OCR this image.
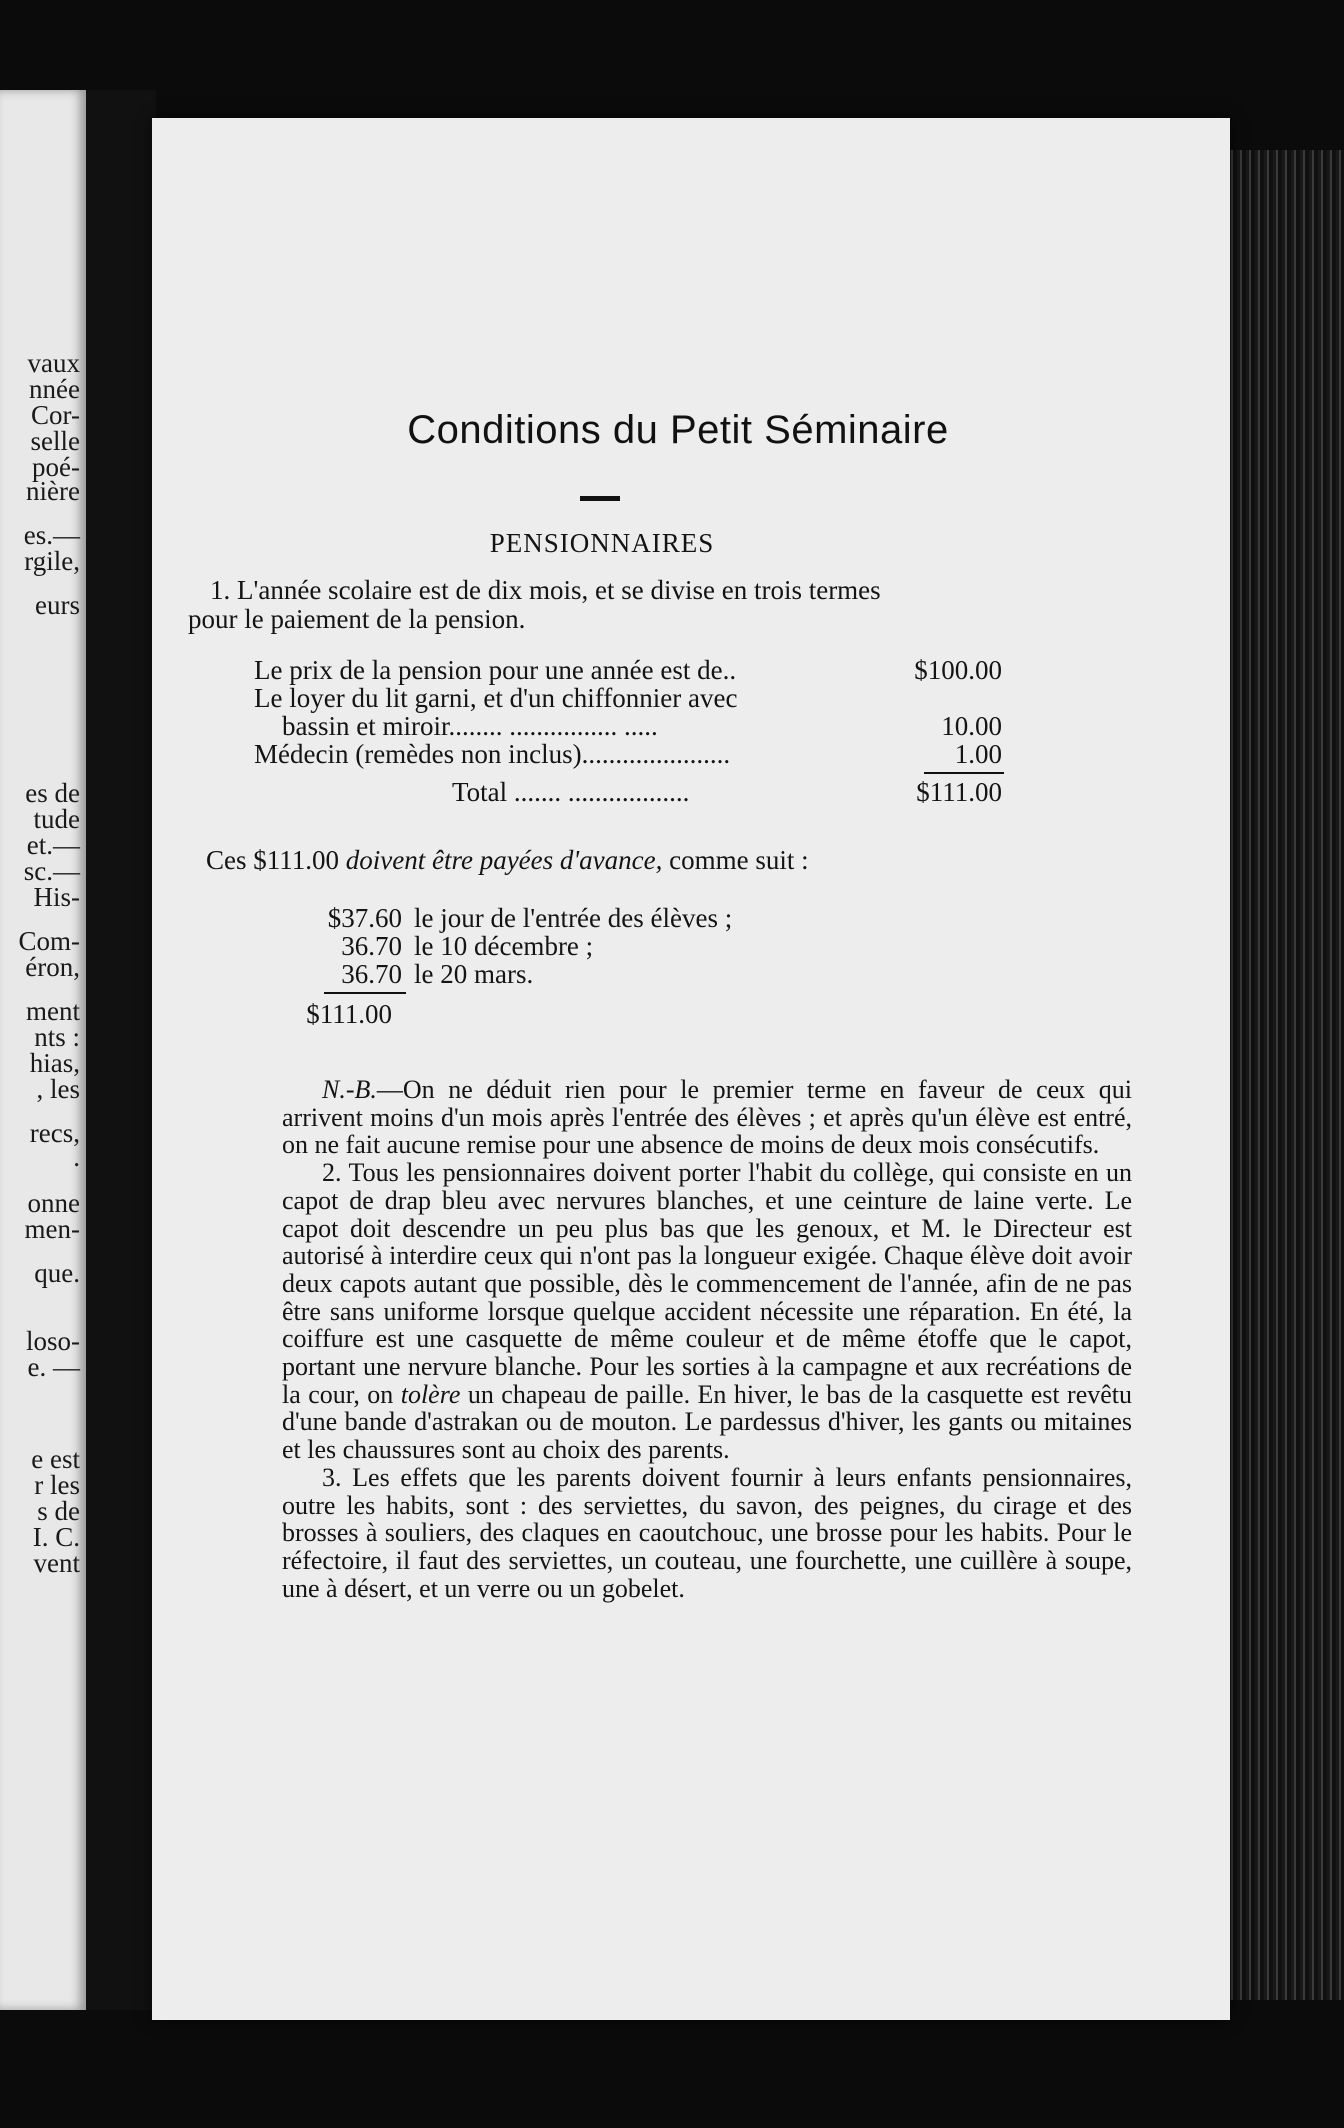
vaux
nnée
Cor-
selle
poé-
nière
es.—
rgile,
eurs
es de
tude
et.—
sc.—
His-
Com-
éron,
ment
nts :
hias,
, les
recs,
.
onne
men-
que.
loso-
e. —
e est
r les
s de
I. C.
vent
Conditions du Petit Séminaire
PENSIONNAIRES
1. L'année scolaire est de dix mois, et se divise en trois termes
pour le paiement de la pension.
Le prix de la pension pour une année est de..	$100.00
Le loyer du lit garni, et d'un chiffonnier avec
bassin et miroir........ ................ .....	10.00
Médecin (remèdes non inclus)......................	1.00
Total ....... ..................	$111.00
Ces $111.00 doivent être payées d'avance, comme suit :
$37.60 le jour de l'entrée des élèves ;
36.70 le 10 décembre ;
36.70 le 20 mars.
$111.00

N.-B.—On ne déduit rien pour le premier terme en faveur de ceux qui arrivent moins d'un mois après l'entrée des élèves ; et après qu'un élève est entré, on ne fait aucune remise pour une absence de moins de deux mois consécutifs.

2. Tous les pensionnaires doivent porter l'habit du collège, qui consiste en un capot de drap bleu avec nervures blanches, et une ceinture de laine verte. Le capot doit descendre un peu plus bas que les genoux, et M. le Directeur est autorisé à interdire ceux qui n'ont pas la longueur exigée. Chaque élève doit avoir deux capots autant que possible, dès le commencement de l'année, afin de ne pas être sans uniforme lorsque quelque accident nécessite une réparation. En été, la coiffure est une casquette de même couleur et de même étoffe que le capot, portant une nervure blanche. Pour les sorties à la campagne et aux recréations de la cour, on tolère un chapeau de paille. En hiver, le bas de la casquette est revêtu d'une bande d'astrakan ou de mouton. Le pardessus d'hiver, les gants ou mitaines et les chaussures sont au choix des parents.

3. Les effets que les parents doivent fournir à leurs enfants pensionnaires, outre les habits, sont : des serviettes, du savon, des peignes, du cirage et des brosses à souliers, des claques en caoutchouc, une brosse pour les habits. Pour le réfectoire, il faut des serviettes, un couteau, une fourchette, une cuillère à soupe, une à désert, et un verre ou un gobelet.
